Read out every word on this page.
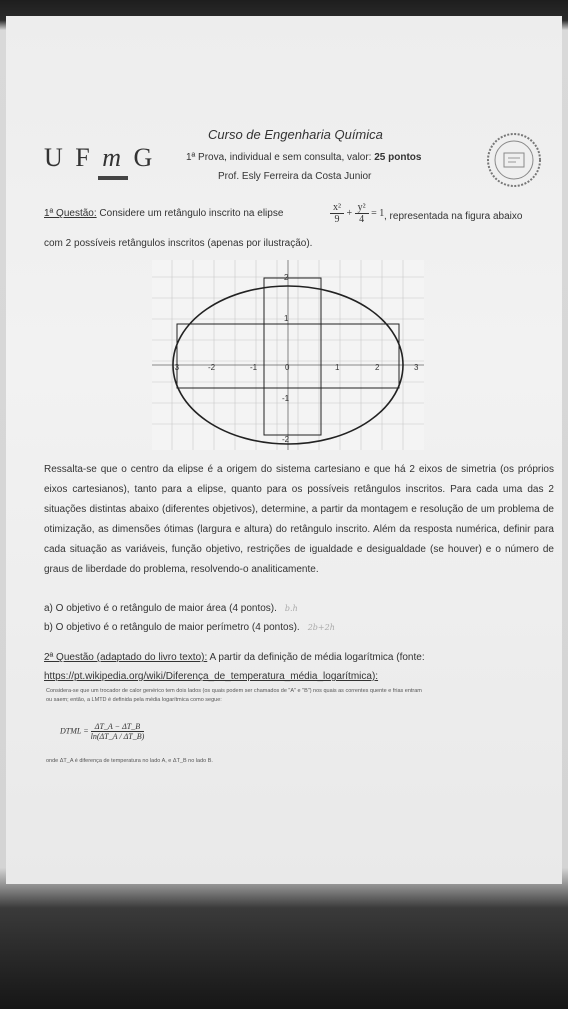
U F m G
Curso de Engenharia Química
1ª Prova, individual e sem consulta, valor: 25 pontos
Prof. Esly Ferreira da Costa Junior
1ª Questão: Considere um retângulo inscrito na elipse	$\frac{\text{x²}}{9} + \frac{\text{y²}}{4} = 1$ , representada na figura abaixo
com 2 possíveis retângulos inscritos (apenas por ilustração).
-3	-2	-1	0	1	2	3
2
1
-1
-2
Ressalta-se que o centro da elipse é a origem do sistema cartesiano e que há 2 eixos de simetria (os próprios eixos cartesianos), tanto para a elipse, quanto para os possíveis retângulos inscritos. Para cada uma das 2 situações distintas abaixo (diferentes objetivos), determine, a partir da montagem e resolução de um problema de otimização, as dimensões ótimas (largura e altura) do retângulo inscrito. Além da resposta numérica, definir para cada situação as variáveis, função objetivo, restrições de igualdade e desigualdade (se houver) e o número de graus de liberdade do problema, resolvendo-o analiticamente.
a) O objetivo é o retângulo de maior área (4 pontos). b.h
b) O objetivo é o retângulo de maior perímetro (4 pontos). 2b+2h
2ª Questão (adaptado do livro texto): A partir da definição de média logarítmica (fonte:
https://pt.wikipedia.org/wiki/Diferença_de_temperatura_média_logarítmica):
Considera-se que um trocador de calor genérico tem dois lados (os quais podem ser chamados de "A" e "B") nos quais as correntes quente e frias entram
ou saem; então, a LMTD é definida pela média logarítmica como segue:
DTML = $\frac{\Delta T\_A - \Delta T\_B}{\ln(\Delta T\_A / \Delta T\_B)}$
onde ΔT_A é diferença de temperatura no lado A, e ΔT_B no lado B.
